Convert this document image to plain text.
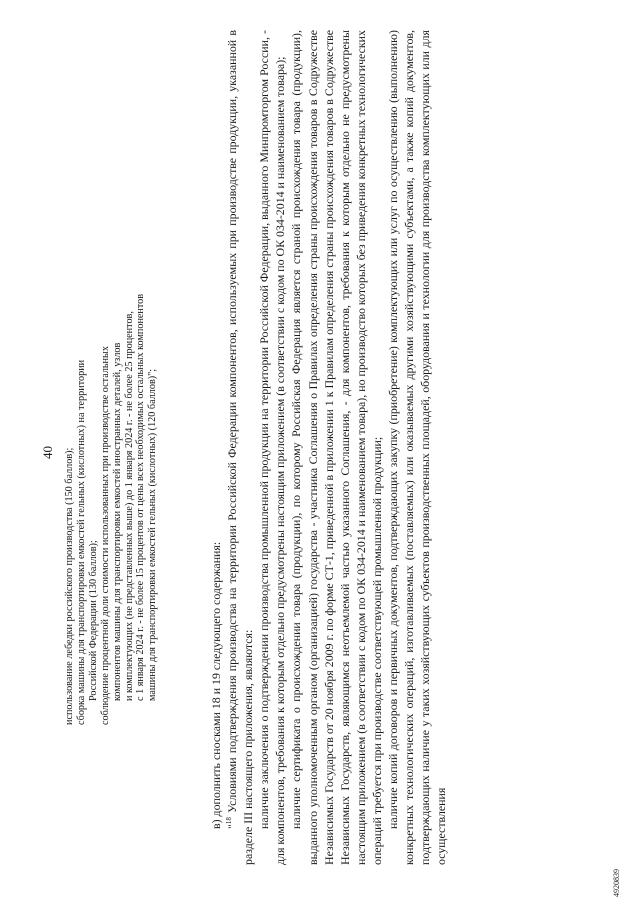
40 использование лебедки российского производства (150 баллов); сборка машины для транспортировки емкостей гельных (кислотных) на территории Российской Федерации (130 баллов); соблюдение процентной доли стоимости использованных при производстве остальных компонентов машины для транспортировки емкостей иностранных деталей, узлов и комплектующих (не представленных выше) до 1 января 2024 г. - не более 25 процентов, с 1 января 2024 г. - не более 15 процентов от цены всех необходимых остальных компонентов машины для транспортировки емкостей гельных (кислотных) (120 баллов)";	в) дополнить сносками 18 и 19 следующего содержания: "$^{18}$ Условиями подтверждения производства на территории Российской Федерации компонентов, используемых при производстве продукции, указанной в разделе III настоящего приложения, являются: наличие заключения о подтверждении производства промышленной продукции на территории Российской Федерации, выданного Минпромторгом России, - для компонентов, требования к которым отдельно предусмотрены настоящим приложением (в соответствии с кодом по ОК 034-2014 и наименованием товара); наличие сертификата о происхождении товара (продукции), по которому Российская Федерация является страной происхождения товара (продукции), выданного уполномоченным органом (организацией) государства - участника Соглашения о Правилах определения страны происхождения товаров в Содружестве Независимых Государств от 20 ноября 2009 г. по форме СТ-1, приведенной в приложении 1 к Правилам определения страны происхождения товаров в Содружестве Независимых Государств, являющимся неотъемлемой частью указанного Соглашения, - для компонентов, требования к которым отдельно не предусмотрены настоящим приложением (в соответствии с кодом по ОК 034-2014 и наименованием товара), но производство которых без приведения конкретных технологических операций требуется при производстве соответствующей промышленной продукции; наличие копий договоров и первичных документов, подтверждающих закупку (приобретение) комплектующих или услуг по осуществлению (выполнению) конкретных технологических операций, изготавливаемых (поставляемых) или оказываемых другими хозяйствующими субъектами, а также копий документов, подтверждающих наличие у таких хозяйствующих субъектов производственных площадей, оборудования и технологии для производства комплектующих или для осуществления

4920839
